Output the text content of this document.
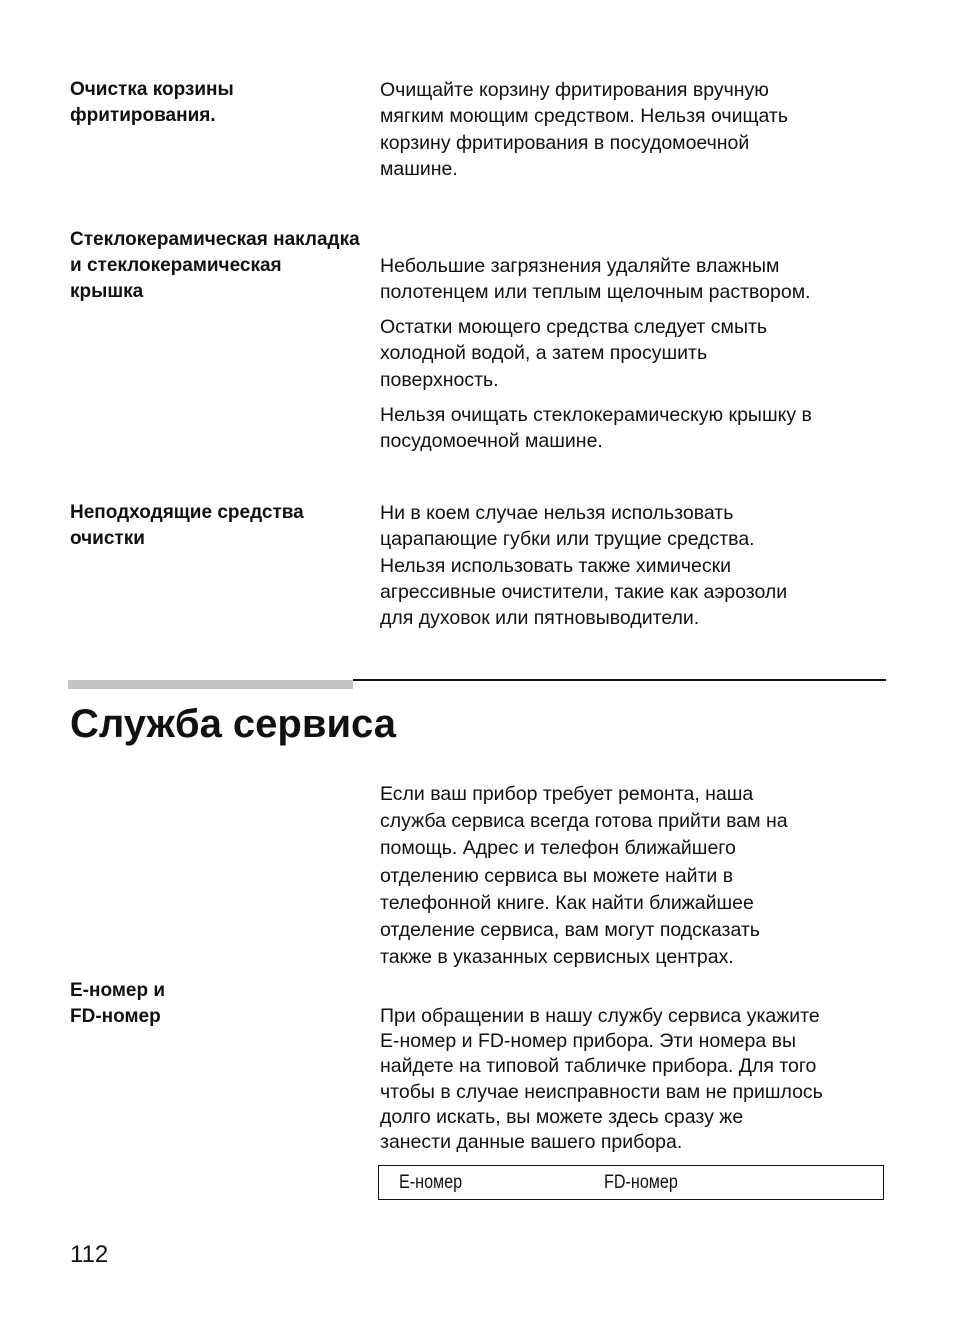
Очистка корзины
фритирования.
Очищайте корзину фритирования вручную
мягким моющим средством. Нельзя очищать
корзину фритирования в посудомоечной
машине.
Стеклокерамическая накладка
и стеклокерамическая
крышка
Небольшие загрязнения удаляйте влажным
полотенцем или теплым щелочным раствором.
Остатки моющего средства следует смыть
холодной водой, а затем просушить
поверхность.
Нельзя очищать стеклокерамическую крышку в
посудомоечной машине.
Неподходящие средства
очистки
Ни в коем случае нельзя использовать
царапающие губки или трущие средства.
Нельзя использовать также химически
агрессивные очистители, такие как аэрозоли
для духовок или пятновыводители.
Служба сервиса
Если ваш прибор требует ремонта, наша
служба сервиса всегда готова прийти вам на
помощь. Адрес и телефон ближайшего
отделению сервиса вы можете найти в
телефонной книге. Как найти ближайшее
отделение сервиса, вам могут подсказать
также в указанных сервисных центрах.
E-номер и
FD-номер	При обращении в нашу службу сервиса укажите
E-номер и FD-номер прибора. Эти номера вы
найдете на типовой табличке прибора. Для того
чтобы в случае неисправности вам не пришлось
долго искать, вы можете здесь сразу же
занести данные вашего прибора.
E-номер	FD-номер
112
